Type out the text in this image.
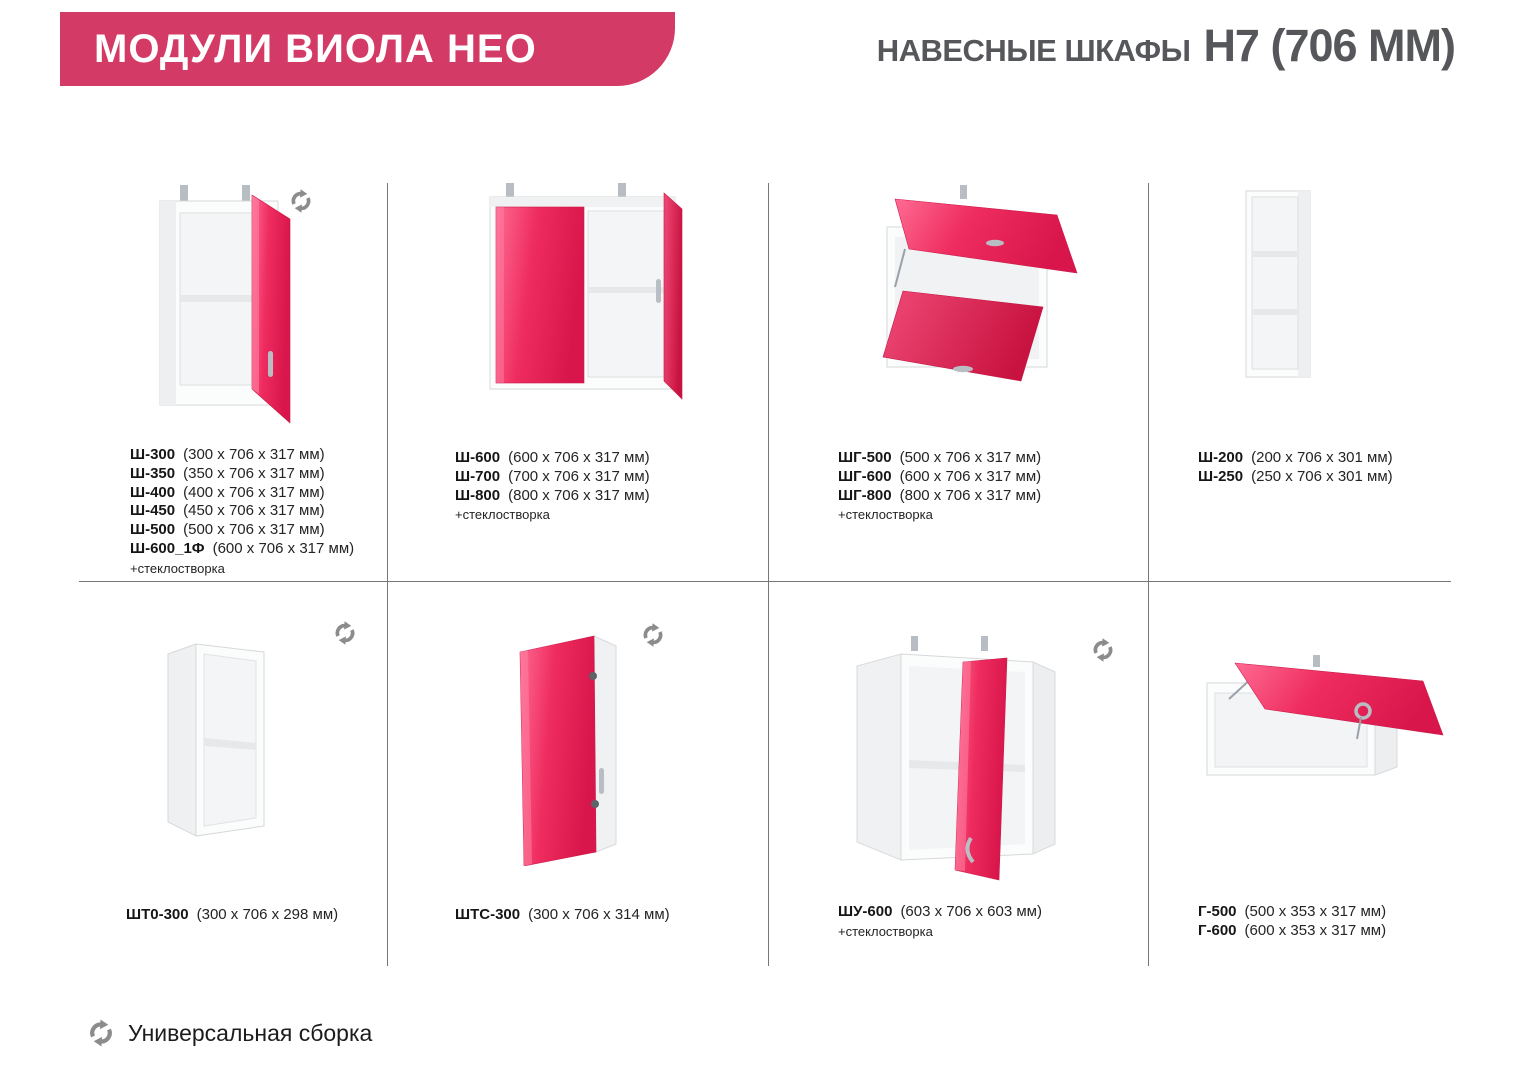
МОДУЛИ ВИОЛА НЕО	НАВЕСНЫЕ ШКАФЫ Н7 (706 ММ)
Ш-300 (300 x 706 x 317 мм)
Ш-350 (350 x 706 x 317 мм)
Ш-400 (400 x 706 x 317 мм)
Ш-450 (450 x 706 x 317 мм)
Ш-500 (500 x 706 x 317 мм)
Ш-600_1Ф (600 x 706 x 317 мм)
+стеклостворка
Ш-600 (600 x 706 x 317 мм)
Ш-700 (700 x 706 x 317 мм)
Ш-800 (800 x 706 x 317 мм)
+стеклостворка
ШГ-500 (500 x 706 x 317 мм)
ШГ-600 (600 x 706 x 317 мм)
ШГ-800 (800 x 706 x 317 мм)
+стеклостворка
Ш-200 (200 x 706 x 301 мм)
Ш-250 (250 x 706 x 301 мм)
ШТ0-300 (300 x 706 x 298 мм)	ШТС-300 (300 x 706 x 314 мм)	ШУ-600 (603 x 706 x 603 мм)
+стеклостворка
Г-500 (500 x 353 x 317 мм)
Г-600 (600 x 353 x 317 мм)
Универсальная сборка
